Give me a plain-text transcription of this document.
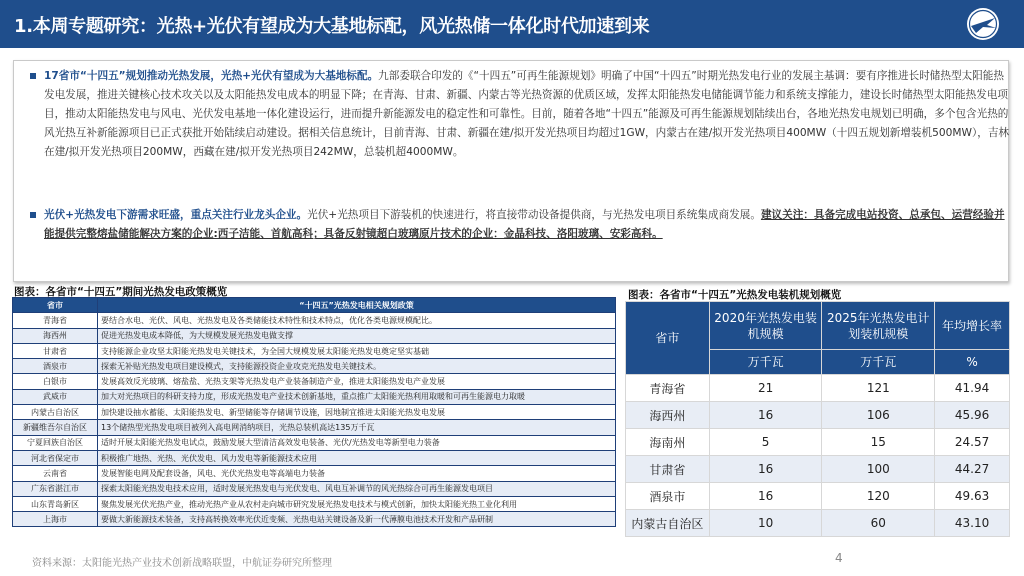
1.本周专题研究：光热+光伏有望成为大基地标配，风光热储一体化时代加速到来
17省市“十四五”规划推动光热发展，光热+光伏有望成为大基地标配。九部委联合印发的《“十四五”可再生能源规划》明确了中国“十四五”时期光热发电行业的发展主基调：要有序推进长时储热型太阳能热发电发展，推进关键核心技术攻关以及太阳能热发电成本的明显下降；在青海、甘肃、新疆、内蒙古等光热资源的优质区域，发挥太阳能热发电储能调节能力和系统支撑能力，建设长时储热型太阳能热发电项目，推动太阳能热发电与风电、光伏发电基地一体化建设运行，进而提升新能源发电的稳定性和可靠性。目前，随着各地“十四五”能源及可再生能源规划陆续出台，各地光热发电规划已明确，多个包含光热的风光热互补新能源项目已正式获批开始陆续启动建设。据相关信息统计，目前青海、甘肃、新疆在建/拟开发光热项目均超过1GW，内蒙古在建/拟开发光热项目400MW（十四五规划新增装机500MW），吉林在建/拟开发光热项目200MW，西藏在建/拟开发光热项目242MW，总装机超4000MW。
光伏+光热发电下游需求旺盛，重点关注行业龙头企业。光伏+光热项目下游装机的快速进行，将直接带动设备提供商，与光热发电项目系统集成商发展。建议关注：具备完成电站投资、总承包、运营经验并能提供完整熔盐储能解决方案的企业:西子洁能、首航高科；具备反射镜超白玻璃原片技术的企业：金晶科技、洛阳玻璃、安彩高科。
图表：各省市“十四五”期间光热发电政策概览
省市	“十四五”光热发电相关规划政策
青海省	要结合水电、光伏、风电、光热发电及各类储能技术特性和技术特点，优化各类电源规模配比。
海西州	促进光热发电成本降低，为大规模发展光热发电做支撑
甘肃省	支持能源企业攻坚太阳能光热发电关键技术，为全国大规模发展太阳能光热发电奠定坚实基础
酒泉市	探索无补贴光热发电项目建设模式，支持能源投资企业攻克光热发电关键技术。
白银市	发展高效反光玻璃、熔盐盐、光热支架等光热发电产业装备制造产业，推进太阳能热发电产业发展
武威市	加大对光热项目的科研支持力度，形成光热发电产业技术创新基地，重点推广太阳能光热利用取暖和可再生能源电力取暖
内蒙古自治区	加快建设抽水蓄能、太阳能热发电、新型储能等存储调节设施，因地制宜推进太阳能光热发电发展
新疆维吾尔自治区	13个储热型光热发电项目被列入高电网消纳项目，光热总装机高达135万千瓦
宁夏回族自治区	适时开展太阳能光热发电试点，鼓励发展大型清洁高效发电装备、光伏/光热发电等新型电力装备
河北省保定市	积极推广地热、光热、光伏发电、风力发电等新能源技术应用
云南省	发展智能电网及配套设备，风电、光伏光热发电等高端电力装备
广东省湛江市	探索太阳能光热发电技术应用，适时发展光热发电与光伏发电、风电互补调节的风光热综合可再生能源发电项目
山东青岛新区	聚焦发展光伏光热产业，推动光热产业从农村走向城市研究发展光热发电技术与模式创新，加快太阳能光热工业化利用
上海市	要做大新能源技术装备，支持高转换效率光伏近变频、光热电站关键设备及新一代薄膜电池技术开发和产品研制
图表：各省市“十四五”光热发电装机规划概览
省市	2020年光热发电装机规模	2025年光热发电计划装机规模	年均增长率
	万千瓦	万千瓦	%
青海省	21	121	41.94
海西州	16	106	45.96
海南州	5	15	24.57
甘肃省	16	100	44.27
酒泉市	16	120	49.63
内蒙古自治区	10	60	43.10
资料来源：太阳能光热产业技术创新战略联盟，中航证券研究所整理	4
